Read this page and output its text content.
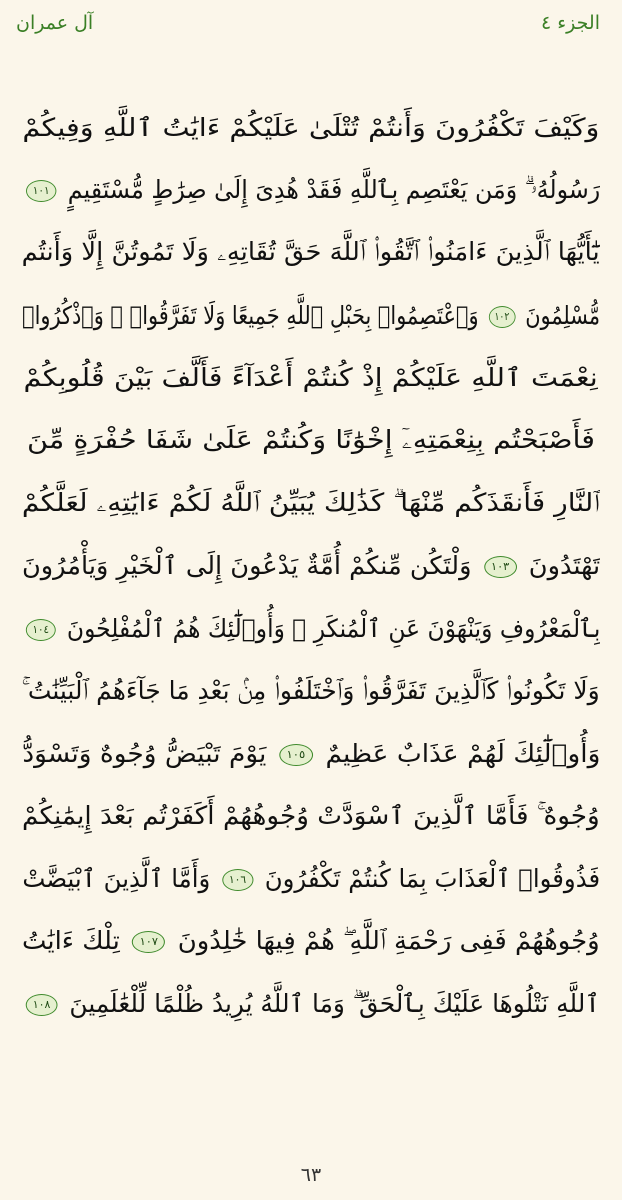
آل عمران	الجزء ٤
وَكَيْفَ تَكْفُرُونَ وَأَنتُمْ تُتْلَىٰ عَلَيْكُمْ ءَايَٰتُ ٱللَّهِ وَفِيكُمْ
رَسُولُهُۥ ۗ وَمَن يَعْتَصِم بِٱللَّهِ فَقَدْ هُدِىَ إِلَىٰ صِرَٰطٍ مُّسْتَقِيمٍ ١٠١
يَٰٓأَيُّهَا ٱلَّذِينَ ءَامَنُوا۟ ٱتَّقُوا۟ ٱللَّهَ حَقَّ تُقَاتِهِۦ وَلَا تَمُوتُنَّ إِلَّا وَأَنتُم
مُّسْلِمُونَ ١٠٢ وَٱعْتَصِمُوا۟ بِحَبْلِ ٱللَّهِ جَمِيعًا وَلَا تَفَرَّقُوا۟ ۚ وَٱذْكُرُوا۟
نِعْمَتَ ٱللَّهِ عَلَيْكُمْ إِذْ كُنتُمْ أَعْدَآءً فَأَلَّفَ بَيْنَ قُلُوبِكُمْ
فَأَصْبَحْتُم بِنِعْمَتِهِۦٓ إِخْوَٰنًا وَكُنتُمْ عَلَىٰ شَفَا حُفْرَةٍ مِّنَ
ٱلنَّارِ فَأَنقَذَكُم مِّنْهَا ۗ كَذَٰلِكَ يُبَيِّنُ ٱللَّهُ لَكُمْ ءَايَٰتِهِۦ لَعَلَّكُمْ
تَهْتَدُونَ ١٠٣ وَلْتَكُن مِّنكُمْ أُمَّةٌ يَدْعُونَ إِلَى ٱلْخَيْرِ وَيَأْمُرُونَ
بِٱلْمَعْرُوفِ وَيَنْهَوْنَ عَنِ ٱلْمُنكَرِ ۚ وَأُو۟لَٰٓئِكَ هُمُ ٱلْمُفْلِحُونَ ١٠٤
وَلَا تَكُونُوا۟ كَٱلَّذِينَ تَفَرَّقُوا۟ وَٱخْتَلَفُوا۟ مِنۢ بَعْدِ مَا جَآءَهُمُ ٱلْبَيِّنَٰتُ ۚ
وَأُو۟لَٰٓئِكَ لَهُمْ عَذَابٌ عَظِيمٌ ١٠٥ يَوْمَ تَبْيَضُّ وُجُوهٌ وَتَسْوَدُّ
وُجُوهٌ ۚ فَأَمَّا ٱلَّذِينَ ٱسْوَدَّتْ وُجُوهُهُمْ أَكَفَرْتُم بَعْدَ إِيمَٰنِكُمْ
فَذُوقُوا۟ ٱلْعَذَابَ بِمَا كُنتُمْ تَكْفُرُونَ ١٠٦ وَأَمَّا ٱلَّذِينَ ٱبْيَضَّتْ
وُجُوهُهُمْ فَفِى رَحْمَةِ ٱللَّهِ ۖ هُمْ فِيهَا خَٰلِدُونَ ١٠٧ تِلْكَ ءَايَٰتُ
ٱللَّهِ نَتْلُوهَا عَلَيْكَ بِٱلْحَقِّ ۗ وَمَا ٱللَّهُ يُرِيدُ ظُلْمًا لِّلْعَٰلَمِينَ ١٠٨
٦٣
